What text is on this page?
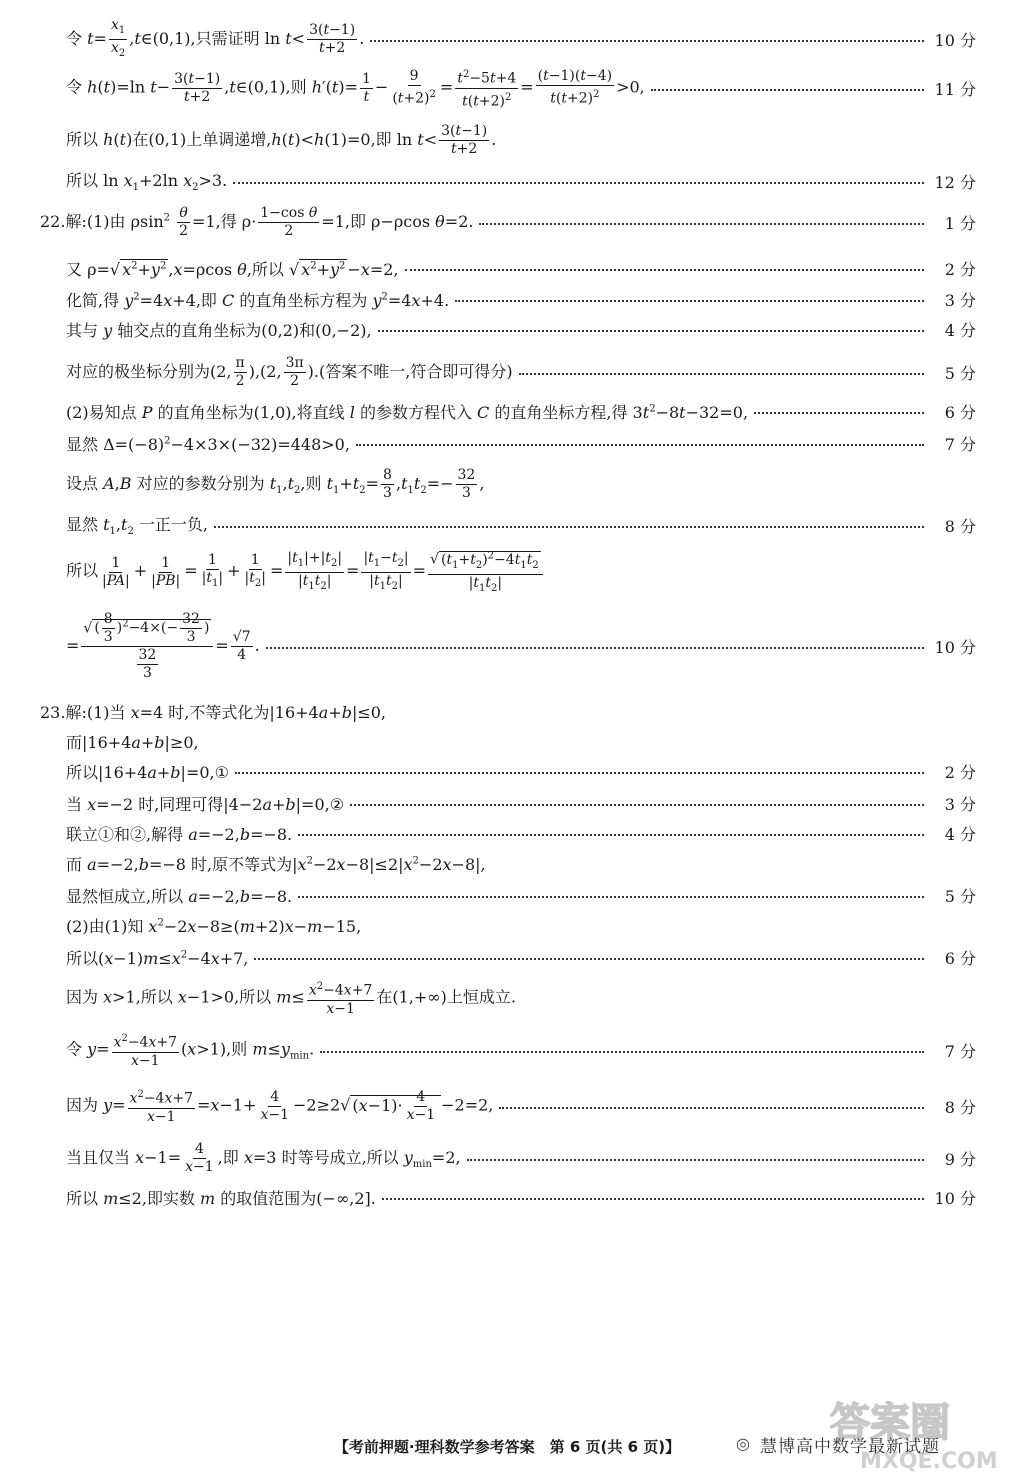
令 $t= \frac{x_1}{x_2}$ ,t∈(0,1),只需证明 $\ln t< \frac{3(t-1)}{t+2}$ .	10 分
令 h(t)=ln $t- \frac{3(t-1)}{t+2}$ ,t∈(0,1),则 $h'(t)= \frac{1}{t} - \frac{9}{(t+2)^2} = \frac{t^2-5t+4}{t(t+2)^2} = \frac{(t-1)(t-4)}{t(t+2)^2} >0$,	11 分
所以 h(t)在(0,1)上单调递增,h(t)<h(1)=0,即 $\ln t< \frac{3(t-1)}{t+2}$ .
所以 $\ln x_1+2\ln$ $x_2>3$.	12 分
22.解:(1)由 $\rho\sin^2 \frac{\theta}{2} =1$,得 $\rho\cdot \frac{\text{1−cos θ}}{2} =1$,即 ρ−ρcos θ=2.	1 分
又 ρ=√ $x^2+y^2$ ,x=ρcos θ,所以 √ $x^2+y^2 -x=2$,	2 分
化简,得 $y^2=4x+4$,即 C 的直角坐标方程为 $y^2=4x+4$.	3 分
其与 y 轴交点的直角坐标为(0,2)和(0,−2),	4 分
对应的极坐标分别为(2, $\frac{\pi}{2} ),(2$, $\frac{3\pi}{2}$ ).(答案不唯一,符合即可得分)	5 分
(2)易知点 P 的直角坐标为(1,0),将直线 l 的参数方程代入 C 的直角坐标方程,得 $3t^2-8t-32=0$,	6 分
显然 $\Delta=(-8)^2-4\times 3\times(-32)=448>0$,	7 分
设点 A,B 对应的参数分别为 $t_1,t_2$,则 $t_1+t_2= \frac{8}{3} ,t_1t_2=- \frac{32}{3}$ ,
显然 $t_1,t_2$ 一正一负,	8 分
所以 $\frac{1}{|PA|} + \frac{1}{|PB|} = \frac{1}{|t_1|} + \frac{1}{|t_2|} = \frac{|t_1|+|t_2|}{|t_1t_2|} = \frac{|t_1-t_2|}{|t_1t_2|} = \frac{√ (t_1+t_2)^2-4t_1t_2}{|t_1t_2|}$
= $\frac{√ ( \frac{8}{3} )^2-4\times(- \frac{32}{3} )}{\frac{32}{3}} = \frac{√7}{4}$ .	10 分
23.解:(1)当 x=4 时,不等式化为|16+4a+b|≤0,
而|16+4a+b|≥0,
所以|16+4a+b|=0,①	2 分
当 x=−2 时,同理可得|4−2a+b|=0,②	3 分
联立①和②,解得 a=−2,b=−8.	4 分
而 a=−2,b=−8 时,原不等式为$|x^2-2x-8|\le 2|x^2-2x-8|$,
显然恒成立,所以 a=−2,b=−8.	5 分
(2)由(1)知 $x^2-2x-8\ge(m+2)x-m-15$,
所以$(x-1)m\le x^2-4x+7$,	6 分
因为 x>1,所以 x−1>0,所以 $m\le \frac{x^2-4x+7}{x-1}$ 在(1,+∞)上恒成立.
令 $y= \frac{x^2-4x+7}{x-1} (x>1)$,则 $m\le y_{min}$.	7 分
因为 $y= \frac{x^2-4x+7}{x-1} =x-1+ \frac{4}{x-1} -2\ge 2√$ $(x-1)\cdot \frac{4}{x-1} -2=2$,	8 分
当且仅当 $x-1= \frac{4}{x-1}$ ,即 x=3 时等号成立,所以 $y_{min}=2$,	9 分
所以 m≤2,即实数 m 的取值范围为(−∞,2].	10 分
答案圈
MXQE.COM
◎ 慧博高中数学最新试题
【考前押题·理科数学参考答案　第 6 页(共 6 页)】
